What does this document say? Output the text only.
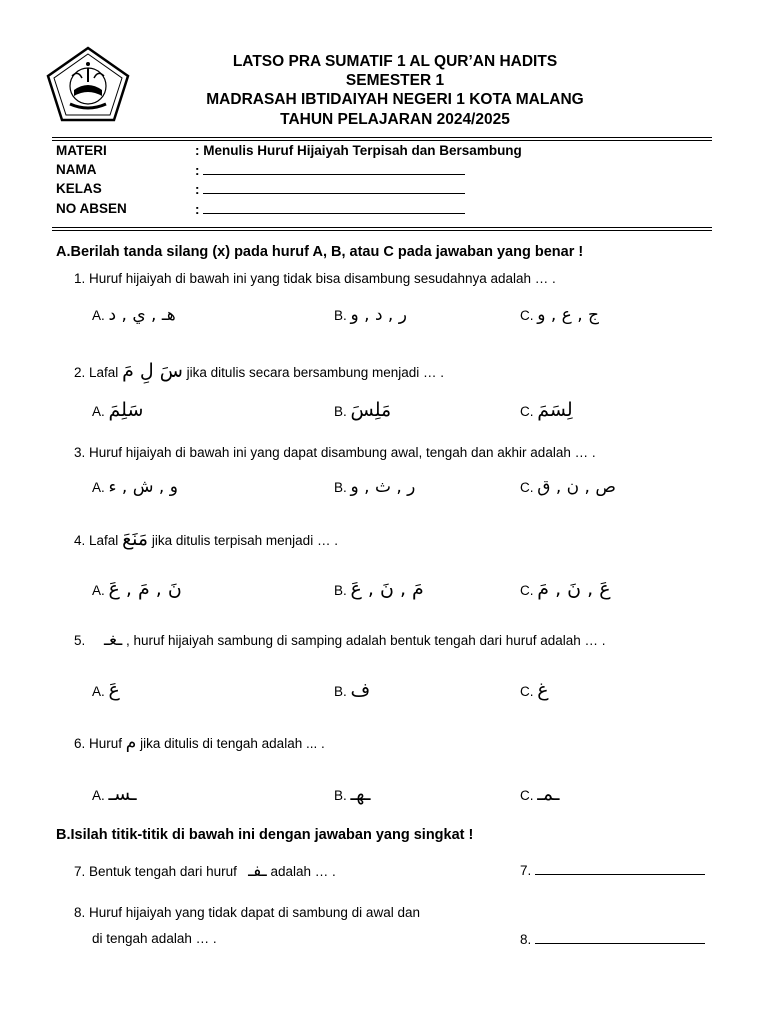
LATSO PRA SUMATIF 1 AL QUR’AN HADITS
SEMESTER 1
MADRASAH IBTIDAIYAH NEGERI 1 KOTA MALANG
TAHUN PELAJARAN 2024/2025
MATERI	: Menulis Huruf Hijaiyah Terpisah dan Bersambung
NAMA	:
KELAS	:
NO ABSEN	:
A.Berilah tanda silang (x) pada huruf A, B, atau C pada jawaban yang benar !
1. Huruf hijaiyah di bawah ini yang tidak bisa disambung sesudahnya adalah … .
A. هـ , ي , د	B. ر , د , و	C. ج , ع , و
2. Lafal سَ لِ مَ jika ditulis secara bersambung menjadi … .
A. سَلِمَ	B. مَلِسَ	C. لِسَمَ
3. Huruf hijaiyah di bawah ini yang dapat disambung awal, tengah dan akhir adalah … .
A. و , ش , ء	B. ر , ث , و	C. ص , ن , ق
4. Lafal مَنَعَ jika ditulis terpisah menjadi … .
A. نَ , مَ , عَ	B. مَ , نَ , عَ	C. عَ , نَ , مَ
5. ـغـ , huruf hijaiyah sambung di samping adalah bentuk tengah dari huruf adalah … .
A. عَ	B. ف	C. غ
6. Huruf م jika ditulis di tengah adalah ... .
A. ـسـ	B. ـهـ	C. ـمـ
B.Isilah titik-titik di bawah ini dengan jawaban yang singkat !
7. Bentuk tengah dari huruf ـفـ adalah … .	7.
8. Huruf hijaiyah yang tidak dapat di sambung di awal dan
di tengah adalah … .	8.
